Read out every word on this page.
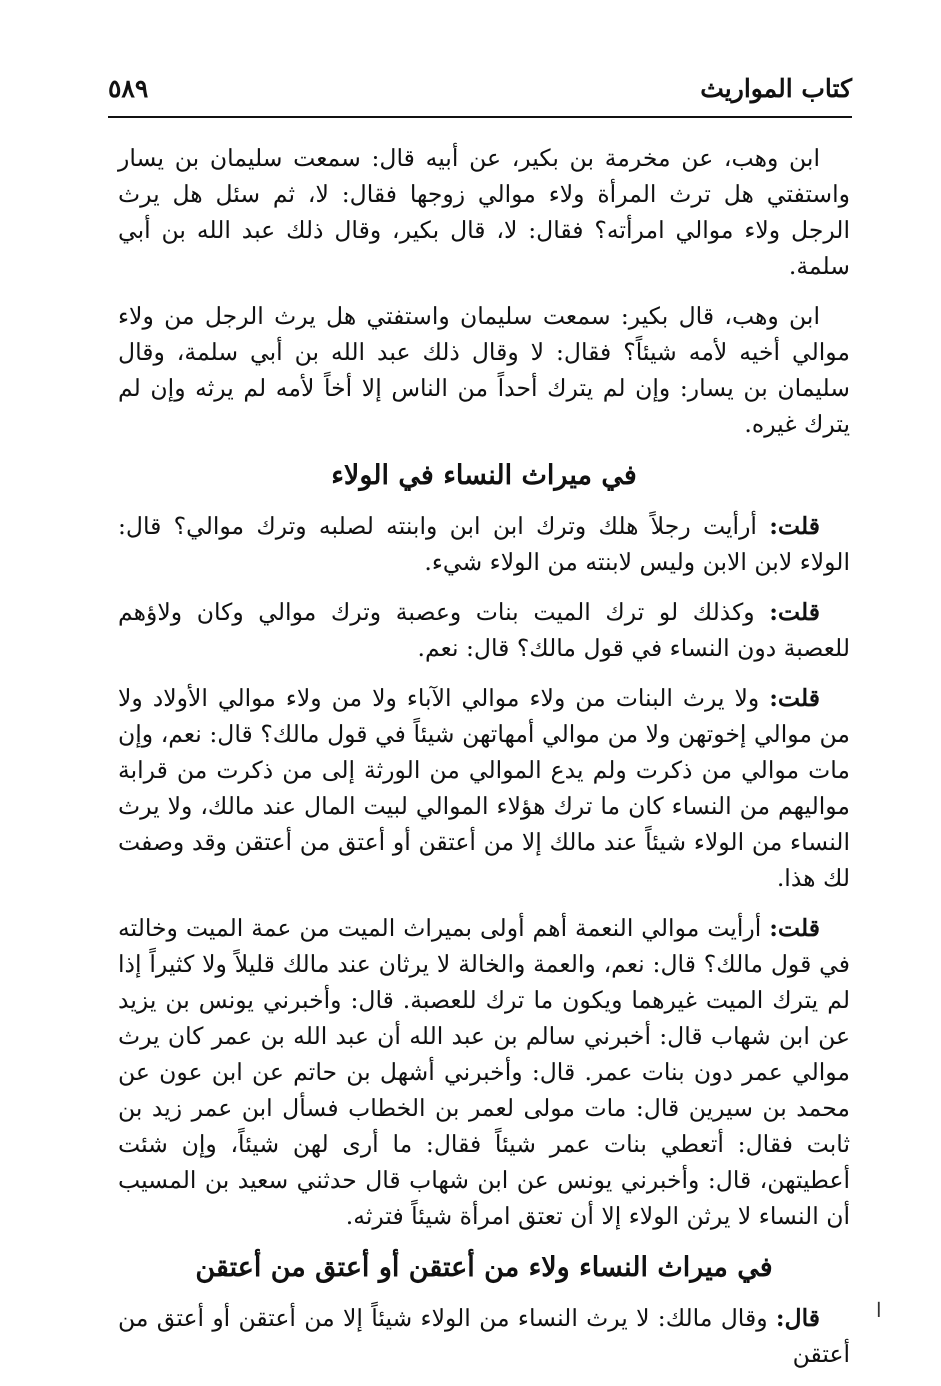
كتاب المواريث
٥٨٩

ابن وهب، عن مخرمة بن بكير، عن أبيه قال: سمعت سليمان بن يسار واستفتي هل ترث المرأة ولاء موالي زوجها فقال: لا، ثم سئل هل يرث الرجل ولاء موالي امرأته؟ فقال: لا، قال بكير، وقال ذلك عبد الله بن أبي سلمة.

ابن وهب، قال بكير: سمعت سليمان واستفتي هل يرث الرجل من ولاء موالي أخيه لأمه شيئاً؟ فقال: لا وقال ذلك عبد الله بن أبي سلمة، وقال سليمان بن يسار: وإن لم يترك أحداً من الناس إلا أخاً لأمه لم يرثه وإن لم يترك غيره.

في ميراث النساء في الولاء

قلت: أرأيت رجلاً هلك وترك ابن ابن وابنته لصلبه وترك موالي؟ قال: الولاء لابن الابن وليس لابنته من الولاء شيء.

قلت: وكذلك لو ترك الميت بنات وعصبة وترك موالي وكان ولاؤهم للعصبة دون النساء في قول مالك؟ قال: نعم.

قلت: ولا يرث البنات من ولاء موالي الآباء ولا من ولاء موالي الأولاد ولا من موالي إخوتهن ولا من موالي أمهاتهن شيئاً في قول مالك؟ قال: نعم، وإن مات موالي من ذكرت ولم يدع الموالي من الورثة إلى من ذكرت من قرابة مواليهم من النساء كان ما ترك هؤلاء الموالي لبيت المال عند مالك، ولا يرث النساء من الولاء شيئاً عند مالك إلا من أعتقن أو أعتق من أعتقن وقد وصفت لك هذا.

قلت: أرأيت موالي النعمة أهم أولى بميراث الميت من عمة الميت وخالته في قول مالك؟ قال: نعم، والعمة والخالة لا يرثان عند مالك قليلاً ولا كثيراً إذا لم يترك الميت غيرهما ويكون ما ترك للعصبة. قال: وأخبرني يونس بن يزيد عن ابن شهاب قال: أخبرني سالم بن عبد الله أن عبد الله بن عمر كان يرث موالي عمر دون بنات عمر. قال: وأخبرني أشهل بن حاتم عن ابن عون عن محمد بن سيرين قال: مات مولى لعمر بن الخطاب فسأل ابن عمر زيد بن ثابت فقال: أتعطي بنات عمر شيئاً فقال: ما أرى لهن شيئاً، وإن شئت أعطيتهن، قال: وأخبرني يونس عن ابن شهاب قال حدثني سعيد بن المسيب أن النساء لا يرثن الولاء إلا أن تعتق امرأة شيئاً فترثه.

في ميراث النساء ولاء من أعتقن أو أعتق من أعتقن

قال: وقال مالك: لا يرث النساء من الولاء شيئاً إلا من أعتقن أو أعتق من أعتقن

ا
